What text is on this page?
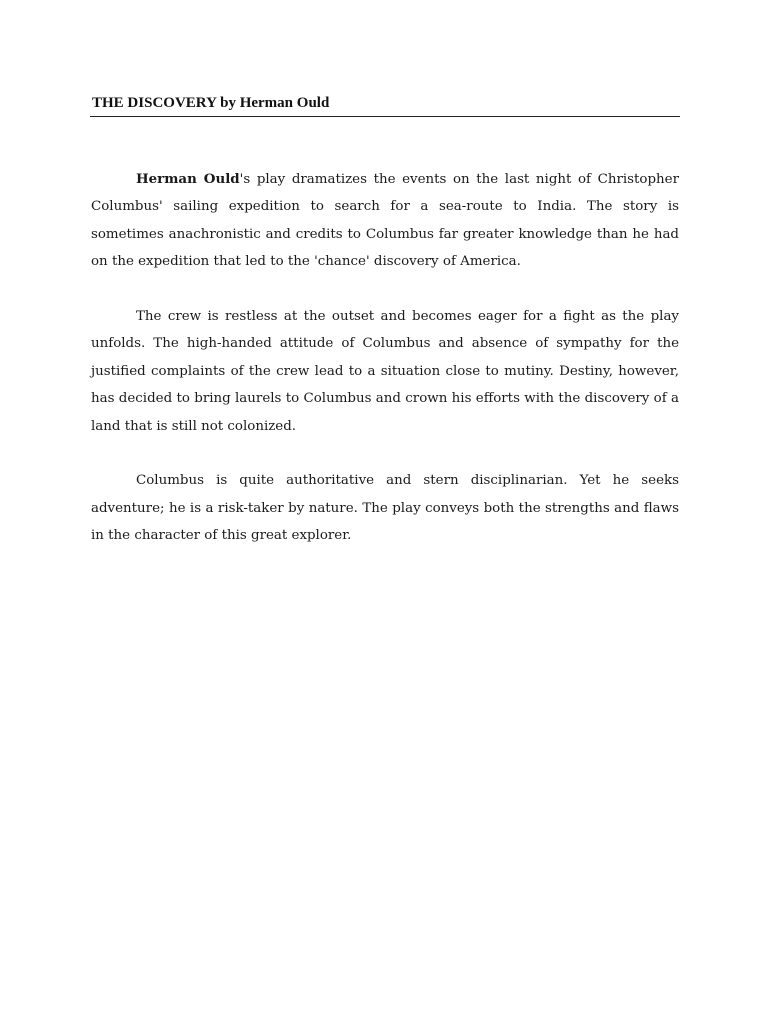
THE DISCOVERY by Herman Ould

Herman Ould's play dramatizes the events on the last night of Christopher Columbus' sailing expedition to search for a sea-route to India. The story is sometimes anachronistic and credits to Columbus far greater knowledge than he had on the expedition that led to the 'chance' discovery of America.

The crew is restless at the outset and becomes eager for a fight as the play unfolds. The high-handed attitude of Columbus and absence of sympathy for the justified complaints of the crew lead to a situation close to mutiny. Destiny, however, has decided to bring laurels to Columbus and crown his efforts with the discovery of a land that is still not colonized.

Columbus is quite authoritative and stern disciplinarian. Yet he seeks adventure; he is a risk-taker by nature. The play conveys both the strengths and flaws in the character of this great explorer.
